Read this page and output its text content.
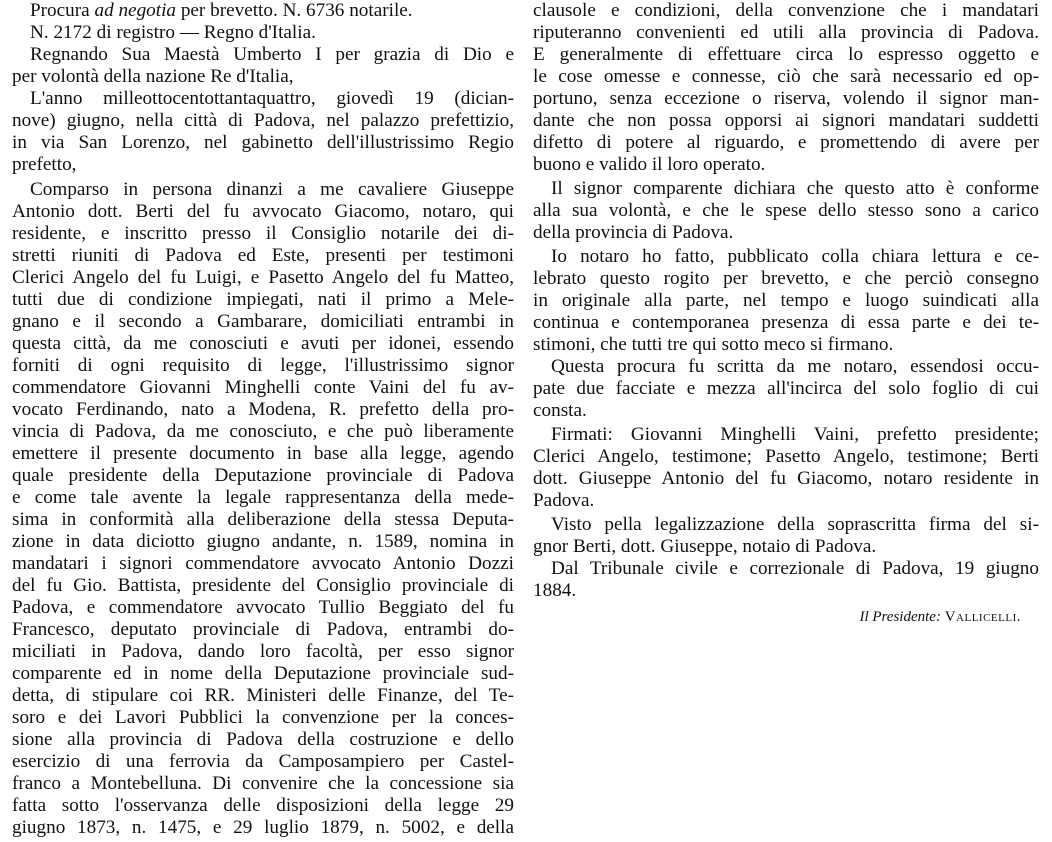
Procura ad negotia per brevetto. N. 6736 notarile.
N. 2172 di registro — Regno d'Italia.
Regnando Sua Maestà Umberto I per grazia di Dio e
per volontà della nazione Re d'Italia,
L'anno milleottocentottantaquattro, giovedì 19 (dician-
nove) giugno, nella città di Padova, nel palazzo prefettizio,
in via San Lorenzo, nel gabinetto dell'illustrissimo Regio
prefetto,
Comparso in persona dinanzi a me cavaliere Giuseppe
Antonio dott. Berti del fu avvocato Giacomo, notaro, qui
residente, e inscritto presso il Consiglio notarile dei di-
stretti riuniti di Padova ed Este, presenti per testimoni
Clerici Angelo del fu Luigi, e Pasetto Angelo del fu Matteo,
tutti due di condizione impiegati, nati il primo a Mele-
gnano e il secondo a Gambarare, domiciliati entrambi in
questa città, da me conosciuti e avuti per idonei, essendo
forniti di ogni requisito di legge, l'illustrissimo signor
commendatore Giovanni Minghelli conte Vaini del fu av-
vocato Ferdinando, nato a Modena, R. prefetto della pro-
vincia di Padova, da me conosciuto, e che può liberamente
emettere il presente documento in base alla legge, agendo
quale presidente della Deputazione provinciale di Padova
e come tale avente la legale rappresentanza della mede-
sima in conformità alla deliberazione della stessa Deputa-
zione in data diciotto giugno andante, n. 1589, nomina in
mandatari i signori commendatore avvocato Antonio Dozzi
del fu Gio. Battista, presidente del Consiglio provinciale di
Padova, e commendatore avvocato Tullio Beggiato del fu
Francesco, deputato provinciale di Padova, entrambi do-
miciliati in Padova, dando loro facoltà, per esso signor
comparente ed in nome della Deputazione provinciale sud-
detta, di stipulare coi RR. Ministeri delle Finanze, del Te-
soro e dei Lavori Pubblici la convenzione per la conces-
sione alla provincia di Padova della costruzione e dello
esercizio di una ferrovia da Camposampiero per Castel-
franco a Montebelluna. Di convenire che la concessione sia
fatta sotto l'osservanza delle disposizioni della legge 29
giugno 1873, n. 1475, e 29 luglio 1879, n. 5002, e della
clausole e condizioni, della convenzione che i mandatari
riputeranno convenienti ed utili alla provincia di Padova.
E generalmente di effettuare circa lo espresso oggetto e
le cose omesse e connesse, ciò che sarà necessario ed op-
portuno, senza eccezione o riserva, volendo il signor man-
dante che non possa opporsi ai signori mandatari suddetti
difetto di potere al riguardo, e promettendo di avere per
buono e valido il loro operato.
Il signor comparente dichiara che questo atto è conforme
alla sua volontà, e che le spese dello stesso sono a carico
della provincia di Padova.
Io notaro ho fatto, pubblicato colla chiara lettura e ce-
lebrato questo rogito per brevetto, e che perciò consegno
in originale alla parte, nel tempo e luogo suindicati alla
continua e contemporanea presenza di essa parte e dei te-
stimoni, che tutti tre qui sotto meco si firmano.
Questa procura fu scritta da me notaro, essendosi occu-
pate due facciate e mezza all'incirca del solo foglio di cui
consta.
Firmati: Giovanni Minghelli Vaini, prefetto presidente;
Clerici Angelo, testimone; Pasetto Angelo, testimone; Berti
dott. Giuseppe Antonio del fu Giacomo, notaro residente in
Padova.
Visto pella legalizzazione della soprascritta firma del si-
gnor Berti, dott. Giuseppe, notaio di Padova.
Dal Tribunale civile e correzionale di Padova, 19 giugno
1884.
Il Presidente: Vallicelli.
